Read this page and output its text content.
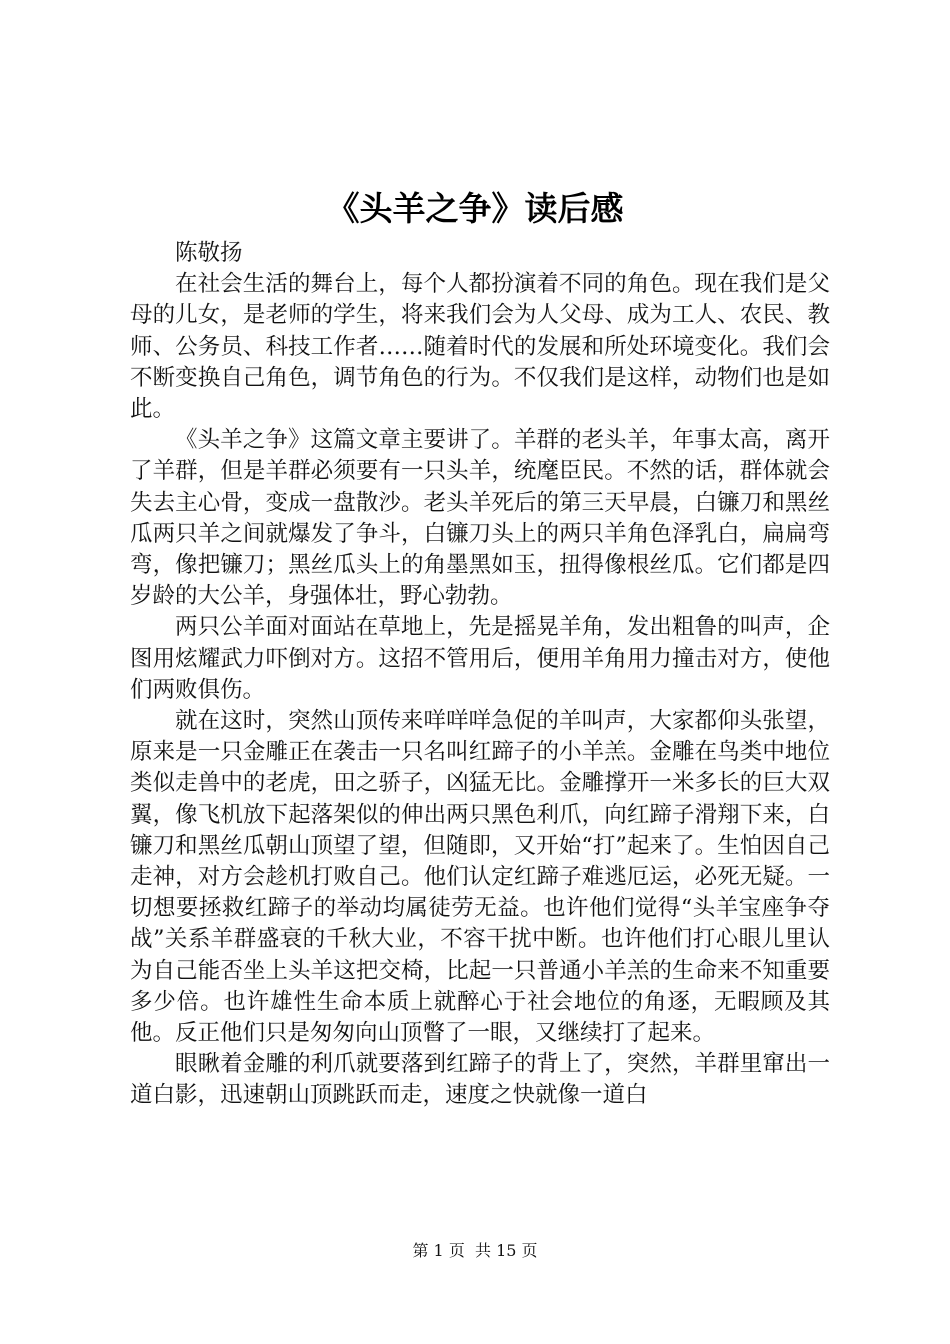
《头羊之争》读后感

陈敬扬

在社会生活的舞台上，每个人都扮演着不同的角色。现在我们是父母的儿女，是老师的学生，将来我们会为人父母、成为工人、农民、教师、公务员、科技工作者……随着时代的发展和所处环境变化。我们会不断变换自己角色，调节角色的行为。不仅我们是这样，动物们也是如此。

《头羊之争》这篇文章主要讲了。羊群的老头羊，年事太高，离开了羊群，但是羊群必须要有一只头羊，统麾臣民。不然的话，群体就会失去主心骨，变成一盘散沙。老头羊死后的第三天早晨，白镰刀和黑丝瓜两只羊之间就爆发了争斗，白镰刀头上的两只羊角色泽乳白，扁扁弯弯，像把镰刀；黑丝瓜头上的角墨黑如玉，扭得像根丝瓜。它们都是四岁龄的大公羊，身强体壮，野心勃勃。

两只公羊面对面站在草地上，先是摇晃羊角，发出粗鲁的叫声，企图用炫耀武力吓倒对方。这招不管用后，便用羊角用力撞击对方，使他们两败俱伤。

就在这时，突然山顶传来咩咩咩急促的羊叫声，大家都仰头张望，原来是一只金雕正在袭击一只名叫红蹄子的小羊羔。金雕在鸟类中地位类似走兽中的老虎，田之骄子，凶猛无比。金雕撑开一米多长的巨大双翼，像飞机放下起落架似的伸出两只黑色利爪，向红蹄子滑翔下来，白镰刀和黑丝瓜朝山顶望了望，但随即，又开始“打”起来了。生怕因自己走神，对方会趁机打败自己。他们认定红蹄子难逃厄运，必死无疑。一切想要拯救红蹄子的举动均属徒劳无益。也许他们觉得“头羊宝座争夺战”关系羊群盛衰的千秋大业，不容干扰中断。也许他们打心眼儿里认为自己能否坐上头羊这把交椅，比起一只普通小羊羔的生命来不知重要多少倍。也许雄性生命本质上就醉心于社会地位的角逐，无暇顾及其他。反正他们只是匆匆向山顶瞥了一眼，又继续打了起来。

眼瞅着金雕的利爪就要落到红蹄子的背上了，突然，羊群里窜出一道白影，迅速朝山顶跳跃而走，速度之快就像一道白

第 1 页  共 15 页
